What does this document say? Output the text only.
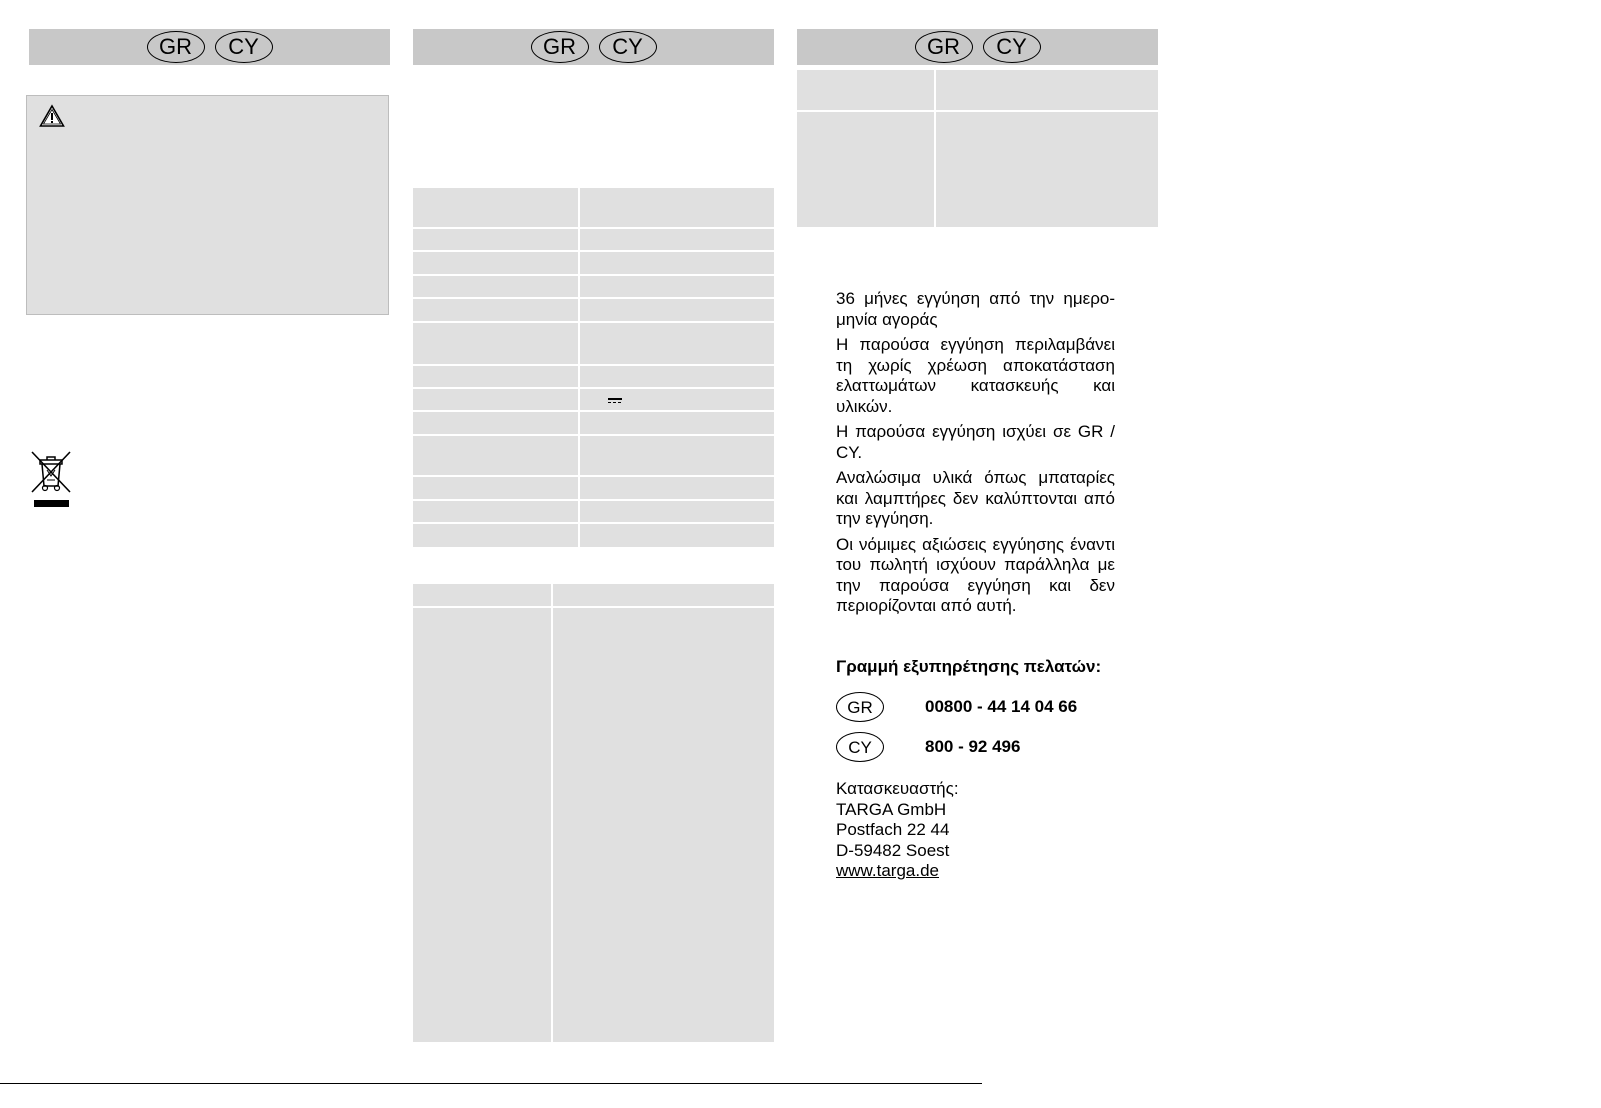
GR	CY	GR	CY	GR	CY

36 μήνες εγγύηση από την ημερο-μηνία αγοράς

Η παρούσα εγγύηση περιλαμβάνει τη χωρίς χρέωση αποκατάσταση ελαττωμάτων κατασκευής και υλικών.

Η παρούσα εγγύηση ισχύει σε GR / CY.

Αναλώσιμα υλικά όπως μπαταρίες και λαμπτήρες δεν καλύπτονται από την εγγύηση.

Οι νόμιμες αξιώσεις εγγύησης έναντι του πωλητή ισχύουν παράλληλα με την παρούσα εγγύηση και δεν περιορίζονται από αυτή.

Γραμμή εξυπηρέτησης πελατών:
GR	00800 - 44 14 04 66
CY	800 - 92 496
Κατασκευαστής:
TARGA GmbH
Postfach 22 44
D-59482 Soest
www.targa.de
